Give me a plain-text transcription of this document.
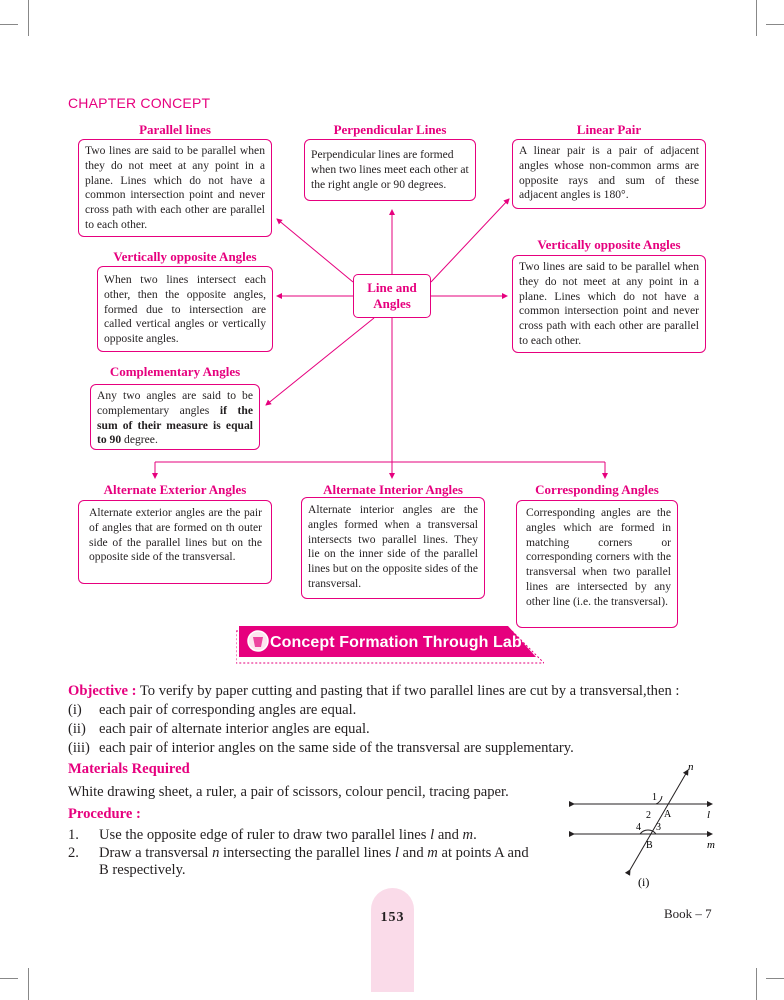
CHAPTER CONCEPT
Parallel lines
Two lines are said to be parallel when they do not meet at any point in a plane. Lines which do not have a common intersection point and never cross path with each other are parallel to each other.
Perpendicular Lines
Perpendicular lines are formed when two lines meet each other at the right angle or 90 degrees.
Linear Pair
A linear pair is a pair of adjacent angles whose non-common arms are opposite rays and sum of these adjacent angles is 180°.
Vertically opposite Angles
When two lines intersect each other, then the opposite angles, formed due to intersection are called vertical angles or vertically opposite angles.
Line and
Angles
Vertically opposite Angles
Two lines are said to be parallel when they do not meet at any point in a plane. Lines which do not have a common intersection point and never cross path with each other are parallel to each other.
Complementary Angles
Any two angles are said to be complementary angles if the sum of their measure is equal to 90 degree.
Alternate Exterior Angles
Alternate exterior angles are the pair of angles that are formed on th outer side of the parallel lines but on the opposite side of the transversal.
Alternate Interior Angles
Alternate interior angles are the angles formed when a transversal intersects two parallel lines. They lie on the inner side of the parallel lines but on the opposite sides of the transversal.
Corresponding Angles
Corresponding angles are the angles which are formed in matching corners or corresponding corners with the transversal when two parallel lines are intersected by any other line (i.e. the transversal).
Concept Formation Through Lab
Objective : To verify by paper cutting and pasting that if two parallel lines are cut by a transversal,then :
(i) each pair of corresponding angles are equal.
(ii) each pair of alternate interior angles are equal.
(iii) each pair of interior angles on the same side of the transversal are supplementary.
Materials Required
White drawing sheet, a ruler, a pair of scissors, colour pencil, tracing paper.
Procedure :
1. Use the opposite edge of ruler to draw two parallel lines l and m.
2. Draw a transversal n intersecting the parallel lines l and m at points A and
B respectively.
n
l
m
1
2 A
4 3
B
(i)
153	Book – 7
